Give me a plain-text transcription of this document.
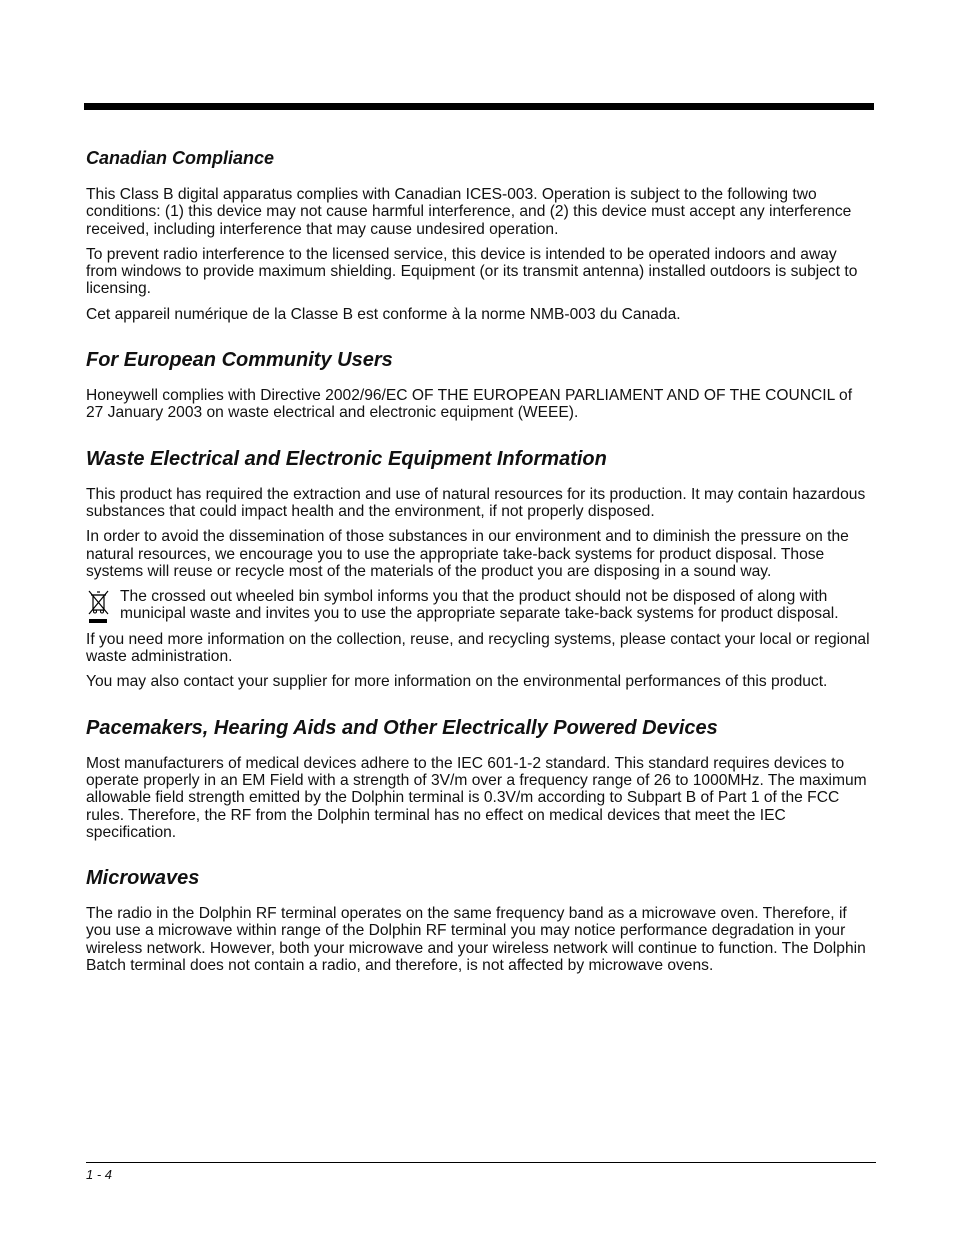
Canadian Compliance

This Class B digital apparatus complies with Canadian ICES-003. Operation is subject to the following two conditions: (1) this device may not cause harmful interference, and (2) this device must accept any interference received, including interference that may cause undesired operation.

To prevent radio interference to the licensed service, this device is intended to be operated indoors and away from windows to provide maximum shielding. Equipment (or its transmit antenna) installed outdoors is subject to licensing.

Cet appareil numérique de la Classe B est conforme à la norme NMB-003 du Canada.

For European Community Users

Honeywell complies with Directive 2002/96/EC OF THE EUROPEAN PARLIAMENT AND OF THE COUNCIL of 27 January 2003 on waste electrical and electronic equipment (WEEE).

Waste Electrical and Electronic Equipment Information

This product has required the extraction and use of natural resources for its production. It may contain hazardous substances that could impact health and the environment, if not properly disposed.

In order to avoid the dissemination of those substances in our environment and to diminish the pressure on the natural resources, we encourage you to use the appropriate take-back systems for product disposal. Those systems will reuse or recycle most of the materials of the product you are disposing in a sound way.

The crossed out wheeled bin symbol informs you that the product should not be disposed of along with municipal waste and invites you to use the appropriate separate take-back systems for product disposal.

If you need more information on the collection, reuse, and recycling systems, please contact your local or regional waste administration.

You may also contact your supplier for more information on the environmental performances of this product.

Pacemakers, Hearing Aids and Other Electrically Powered Devices

Most manufacturers of medical devices adhere to the IEC 601-1-2 standard. This standard requires devices to operate properly in an EM Field with a strength of 3V/m over a frequency range of 26 to 1000MHz. The maximum allowable field strength emitted by the Dolphin terminal is 0.3V/m according to Subpart B of Part 1 of the FCC rules. Therefore, the RF from the Dolphin terminal has no effect on medical devices that meet the IEC specification.

Microwaves

The radio in the Dolphin RF terminal operates on the same frequency band as a microwave oven. Therefore, if you use a microwave within range of the Dolphin RF terminal you may notice performance degradation in your wireless network. However, both your microwave and your wireless network will continue to function. The Dolphin Batch terminal does not contain a radio, and therefore, is not affected by microwave ovens.

1 - 4
